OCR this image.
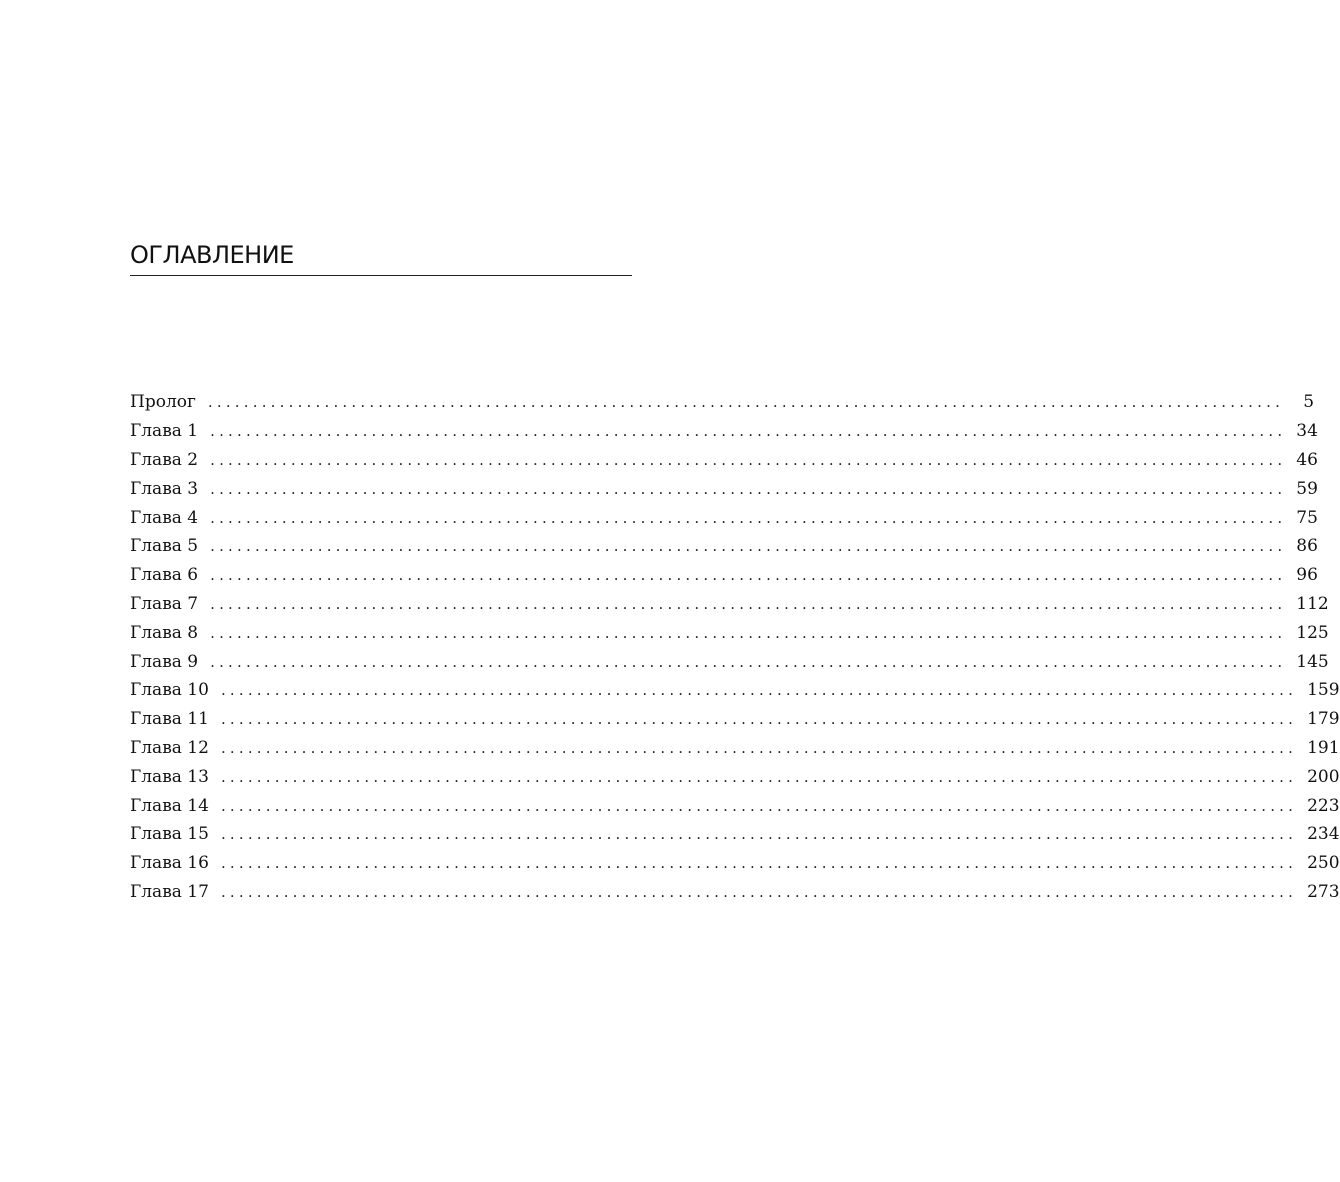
ОГЛАВЛЕНИЕ
Пролог ........................................................................................................................	5
Глава 1 ........................................................................................................................ 34
Глава 2 ........................................................................................................................ 46
Глава 3 ........................................................................................................................ 59
Глава 4 ........................................................................................................................ 75
Глава 5 ........................................................................................................................ 86
Глава 6 ........................................................................................................................ 96
Глава 7 ........................................................................................................................ 112
Глава 8 ........................................................................................................................ 125
Глава 9 ........................................................................................................................ 145
Глава 10 ........................................................................................................................ 159
Глава 11 ........................................................................................................................ 179
Глава 12 ........................................................................................................................ 191
Глава 13 ........................................................................................................................ 200
Глава 14 ........................................................................................................................ 223
Глава 15 ........................................................................................................................ 234
Глава 16 ........................................................................................................................ 250
Глава 17 ........................................................................................................................ 273
